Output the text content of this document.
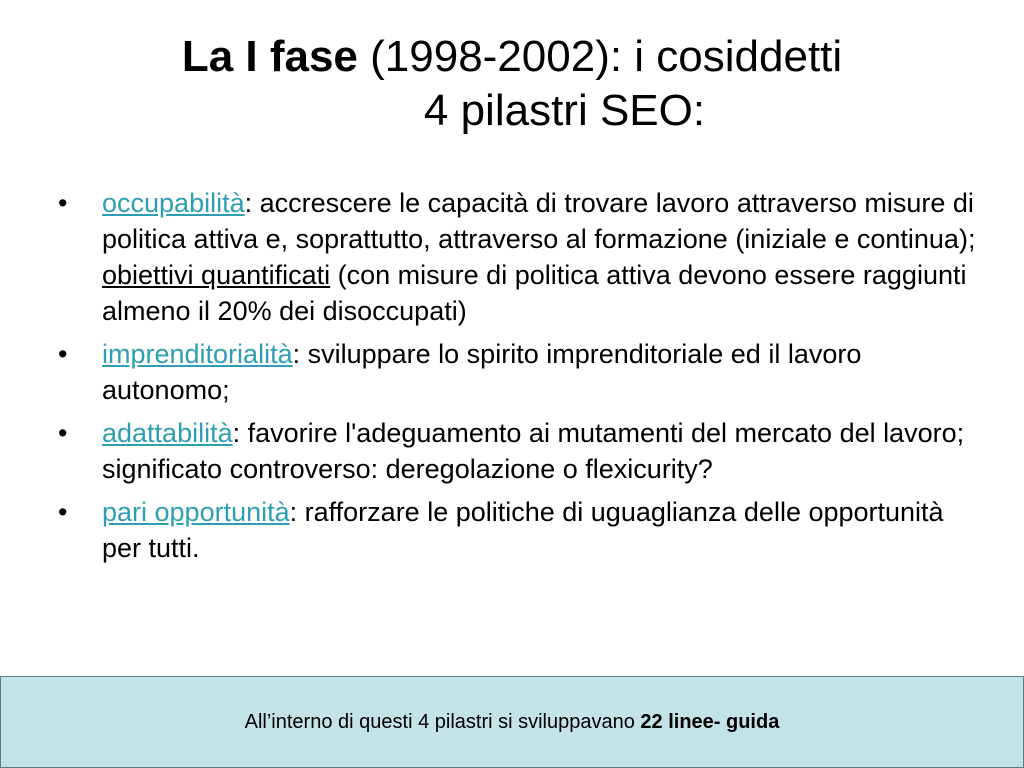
La I fase (1998-2002): i cosiddetti
4 pilastri SEO:
•	occupabilità: accrescere le capacità di trovare lavoro attraverso misure di politica attiva e, soprattutto, attraverso al formazione (iniziale e continua); obiettivi quantificati (con misure di politica attiva devono essere raggiunti almeno il 20% dei disoccupati)
•	imprenditorialità: sviluppare lo spirito imprenditoriale ed il lavoro autonomo;
•	adattabilità: favorire l'adeguamento ai mutamenti del mercato del lavoro; significato controverso: deregolazione o flexicurity?
•	pari opportunità: rafforzare le politiche di uguaglianza delle opportunità per tutti.
All’interno di questi 4 pilastri si sviluppavano 22 linee- guida
